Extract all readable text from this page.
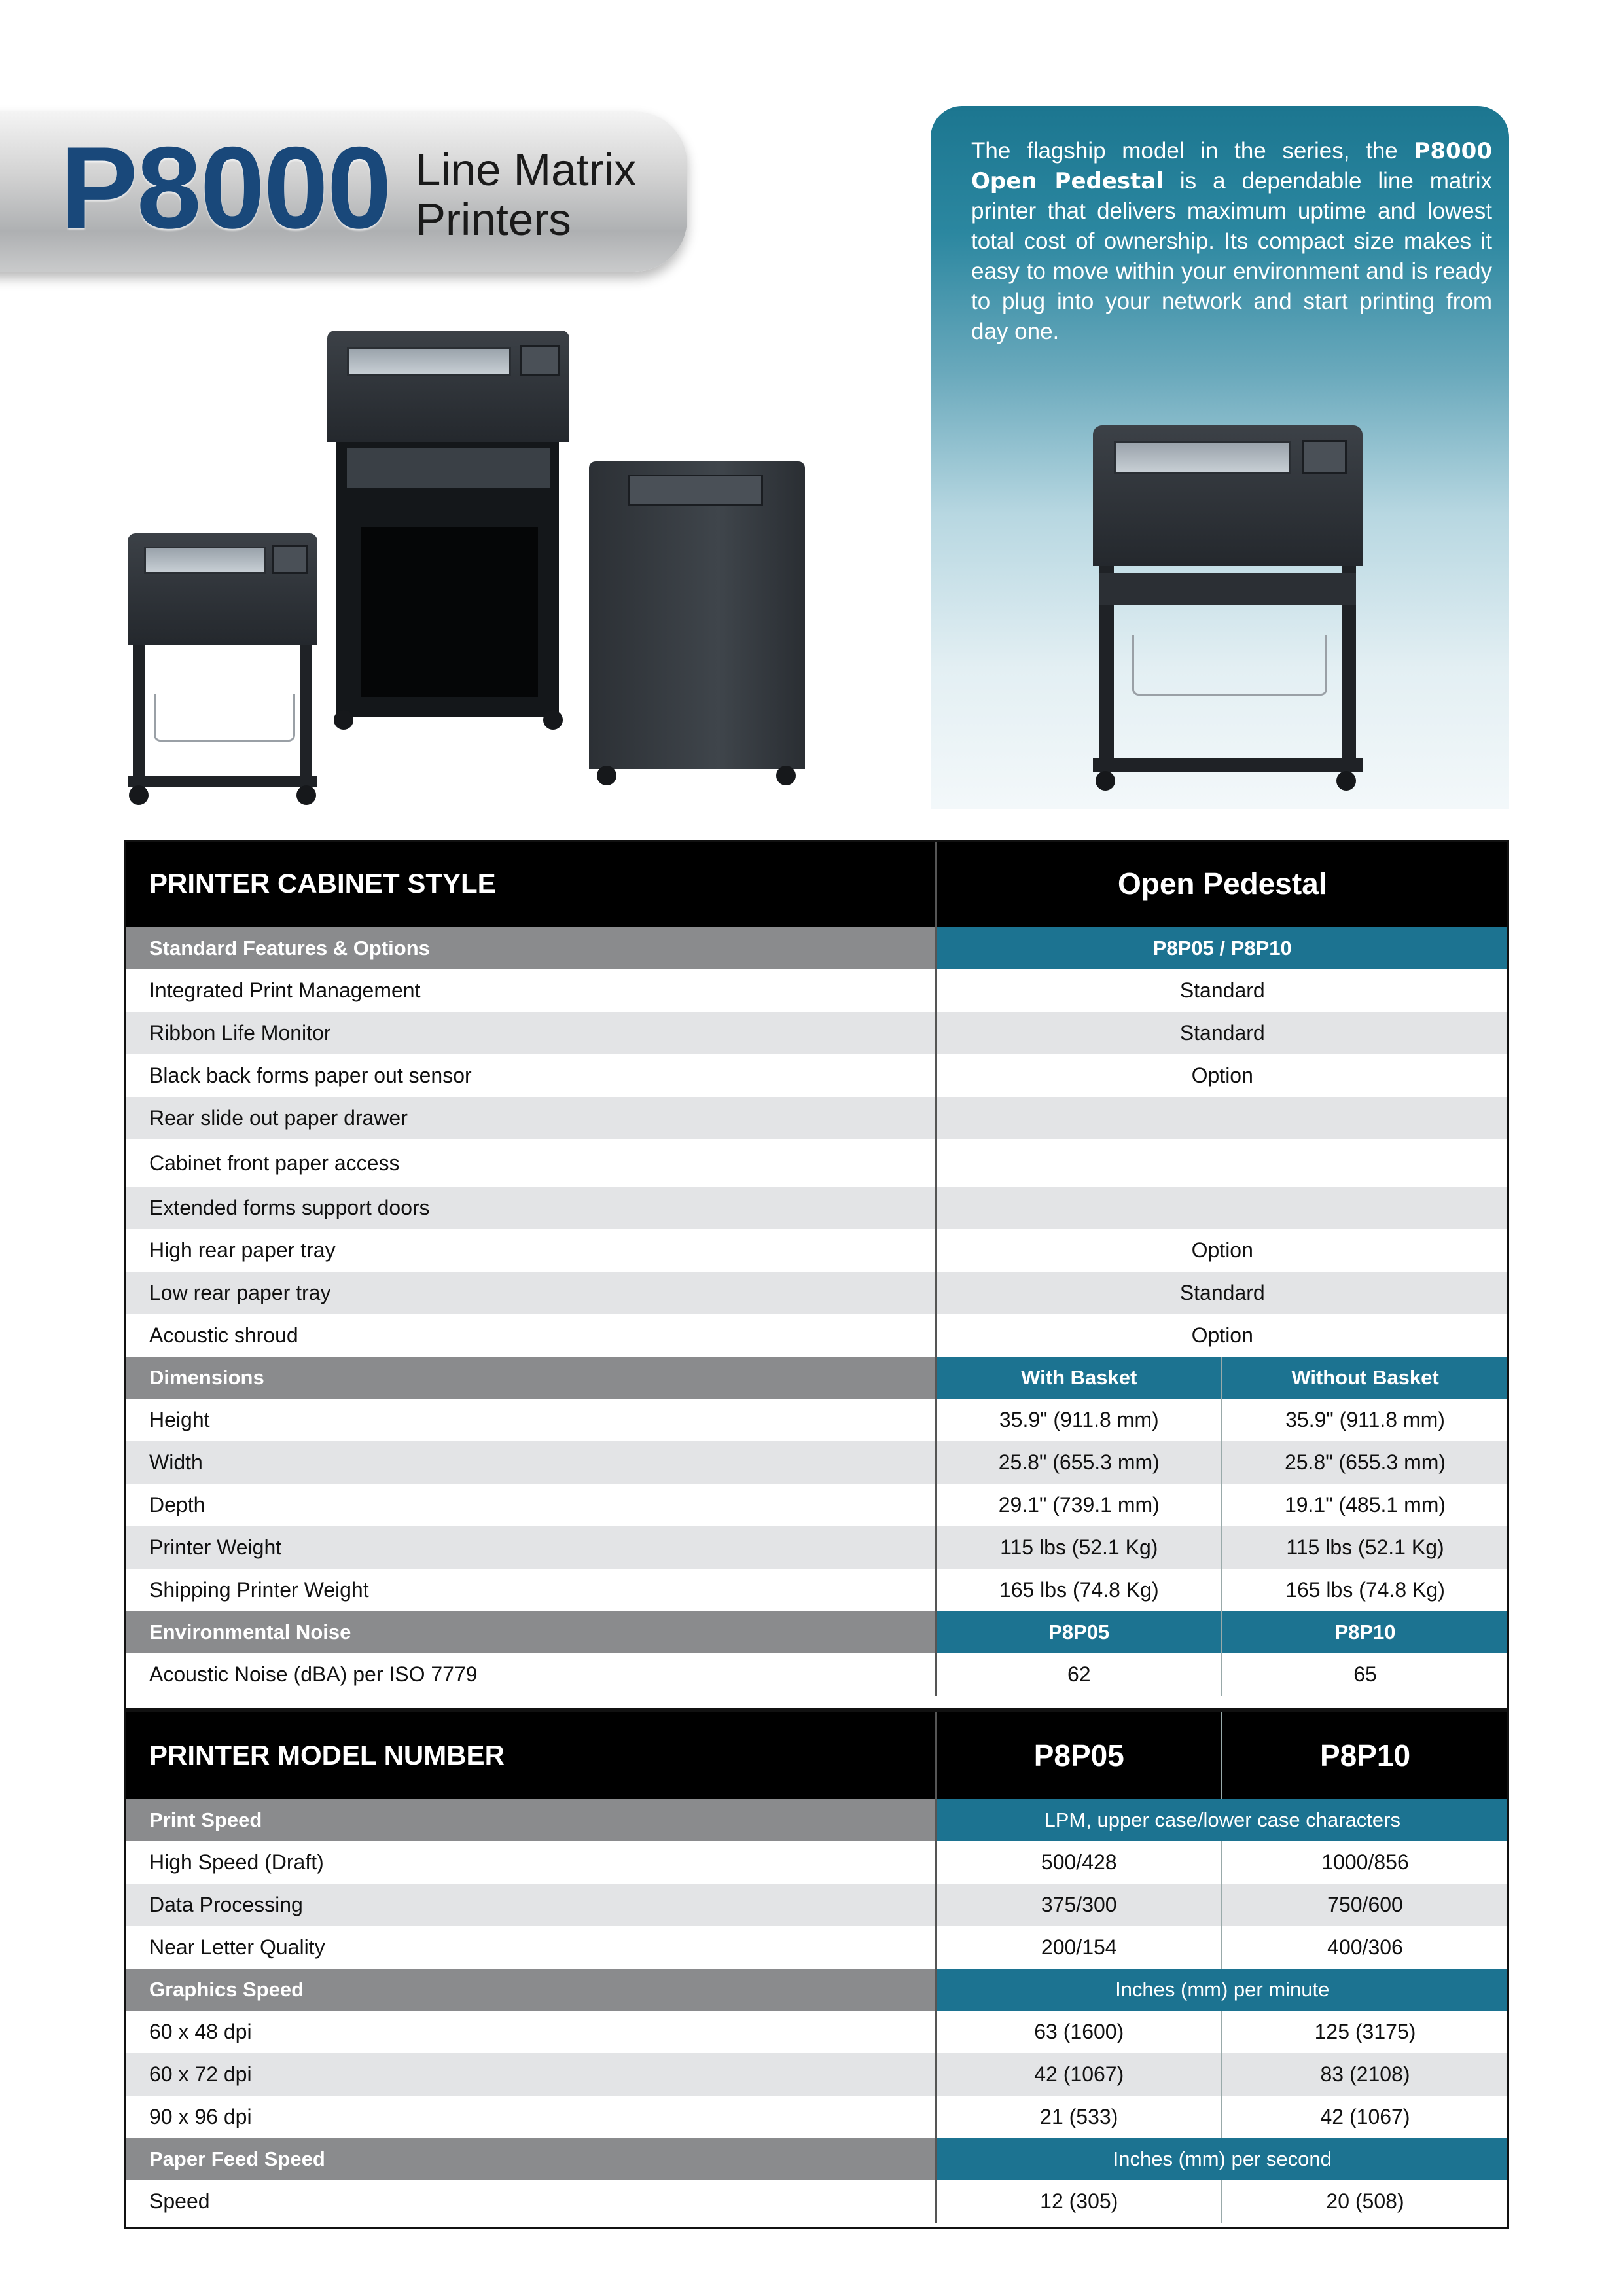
P8000 Line Matrix
Printers

The flagship model in the series, the P8000 Open Pedestal is a dependable line matrix printer that delivers maximum uptime and lowest total cost of ownership. Its compact size makes it easy to move within your environment and is ready to plug into your network and start printing from day one.

PRINTER CABINET STYLE	Open Pedestal	
Standard Features & Options	P8P05 / P8P10	
Integrated Print Management	Standard	
Ribbon Life Monitor	Standard	
Black back forms paper out sensor	Option	
Rear slide out paper drawer		
Cabinet front paper access		
Extended forms support doors		
High rear paper tray	Option	
Low rear paper tray	Standard	
Acoustic shroud	Option	
Dimensions	With Basket	Without Basket
Height	35.9" (911.8 mm)	35.9" (911.8 mm)
Width	25.8" (655.3 mm)	25.8" (655.3 mm)
Depth	29.1" (739.1 mm)	19.1" (485.1 mm)
Printer Weight	115 lbs (52.1 Kg)	115 lbs (52.1 Kg)
Shipping Printer Weight	165 lbs (74.8 Kg)	165 lbs (74.8 Kg)
Environmental Noise	P8P05	P8P10
Acoustic Noise (dBA) per ISO 7779	62	65
PRINTER MODEL NUMBER	P8P05	P8P10
Print Speed	LPM, upper case/lower case characters	
High Speed (Draft)	500/428	1000/856
Data Processing	375/300	750/600
Near Letter Quality	200/154	400/306
Graphics Speed	Inches (mm) per minute	
60 x 48 dpi	63 (1600)	125 (3175)
60 x 72 dpi	42 (1067)	83 (2108)
90 x 96 dpi	21 (533)	42 (1067)
Paper Feed Speed	Inches (mm) per second	
Speed	12 (305)	20 (508)
